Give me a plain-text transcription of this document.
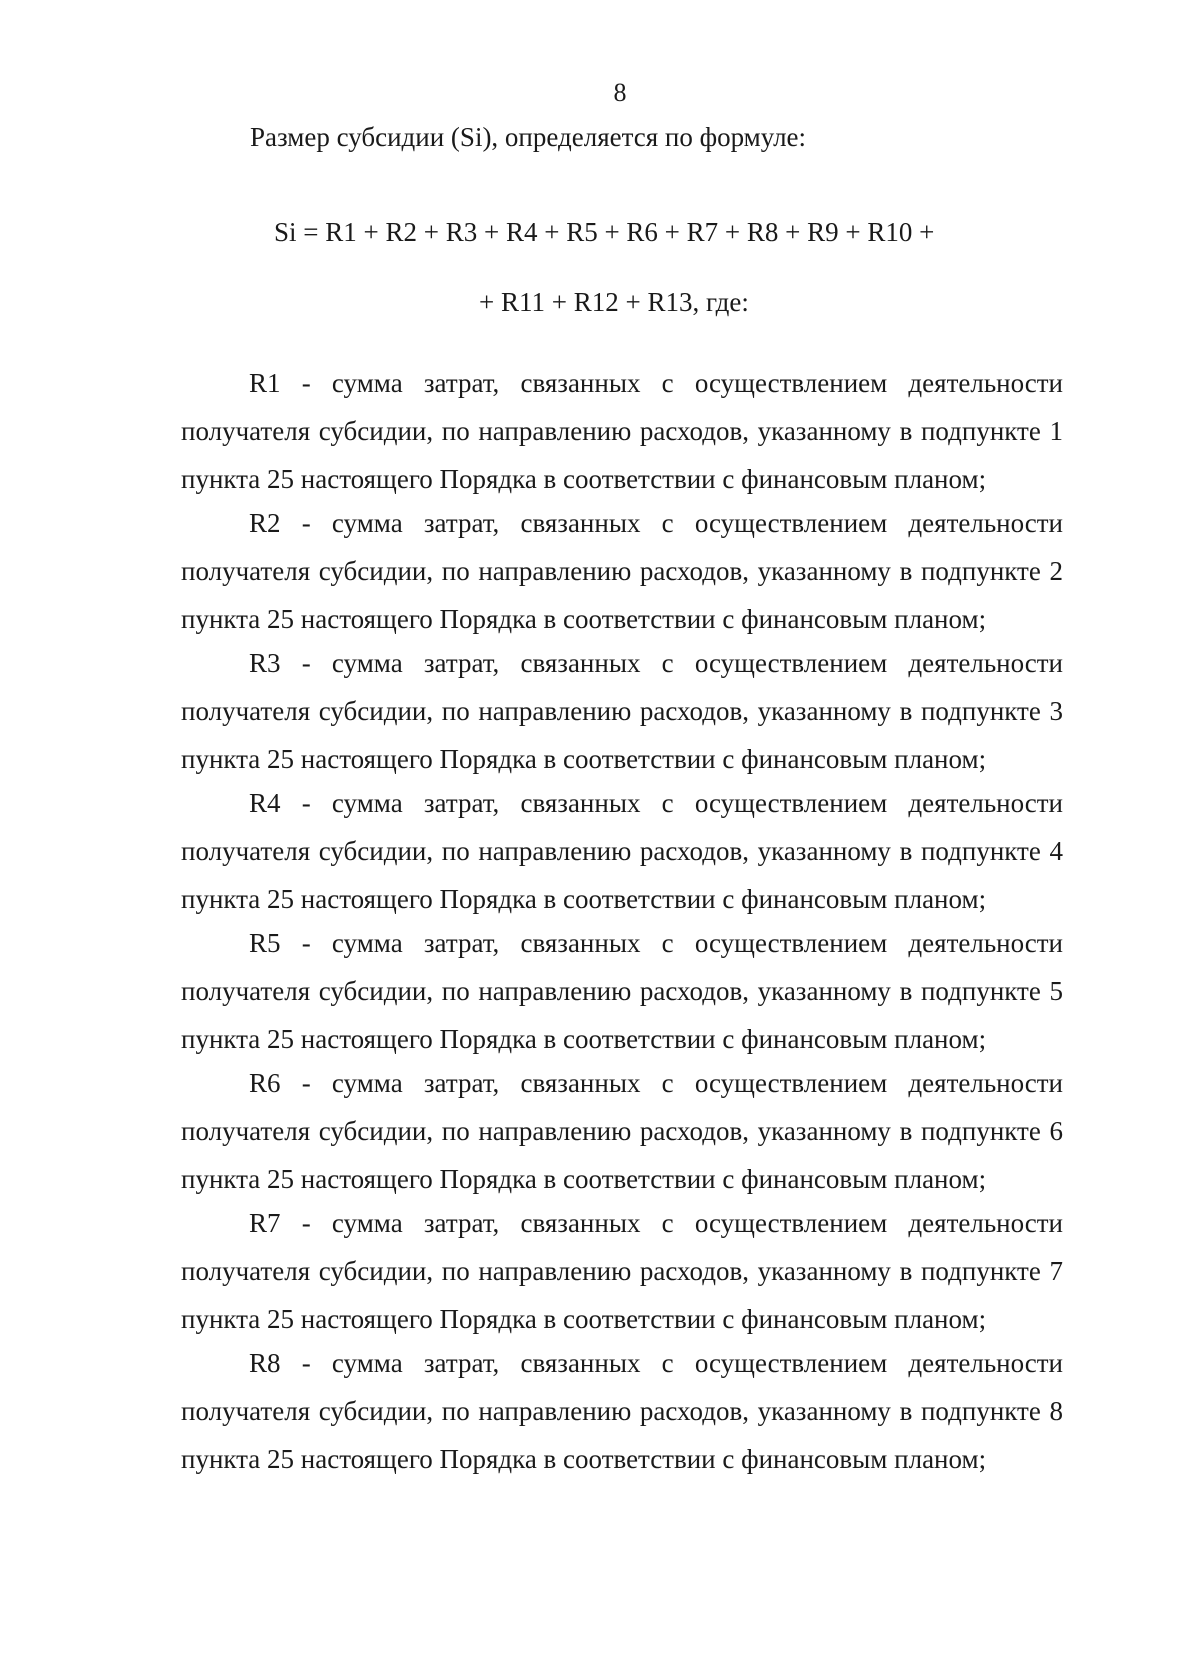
8
Размер субсидии (Si), определяется по формуле:
Si = R1 + R2 + R3 + R4 + R5 + R6 + R7 + R8 + R9 + R10 +
+ R11 + R12 + R13, где:
R1 - сумма затрат, связанных с осуществлением деятельности получателя субсидии, по направлению расходов, указанному в подпункте 1 пункта 25 настоящего Порядка в соответствии с финансовым планом;
R2 - сумма затрат, связанных с осуществлением деятельности получателя субсидии, по направлению расходов, указанному в подпункте 2 пункта 25 настоящего Порядка в соответствии с финансовым планом;
R3 - сумма затрат, связанных с осуществлением деятельности получателя субсидии, по направлению расходов, указанному в подпункте 3 пункта 25 настоящего Порядка в соответствии с финансовым планом;
R4 - сумма затрат, связанных с осуществлением деятельности получателя субсидии, по направлению расходов, указанному в подпункте 4 пункта 25 настоящего Порядка в соответствии с финансовым планом;
R5 - сумма затрат, связанных с осуществлением деятельности получателя субсидии, по направлению расходов, указанному в подпункте 5 пункта 25 настоящего Порядка в соответствии с финансовым планом;
R6 - сумма затрат, связанных с осуществлением деятельности получателя субсидии, по направлению расходов, указанному в подпункте 6 пункта 25 настоящего Порядка в соответствии с финансовым планом;
R7 - сумма затрат, связанных с осуществлением деятельности получателя субсидии, по направлению расходов, указанному в подпункте 7 пункта 25 настоящего Порядка в соответствии с финансовым планом;
R8 - сумма затрат, связанных с осуществлением деятельности получателя субсидии, по направлению расходов, указанному в подпункте 8 пункта 25 настоящего Порядка в соответствии с финансовым планом;
